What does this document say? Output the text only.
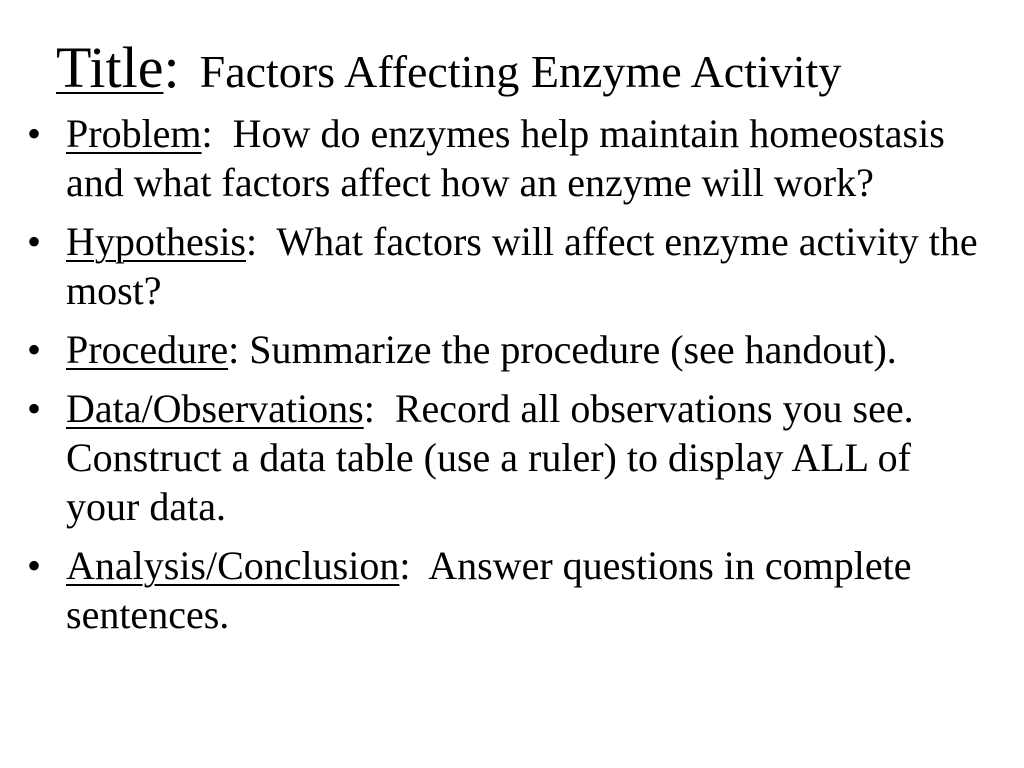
Title: Factors Affecting Enzyme Activity
• Problem:  How do enzymes help maintain homeostasis and what factors affect how an enzyme will work?
• Hypothesis:  What factors will affect enzyme activity the most?
• Procedure: Summarize the procedure (see handout).
• Data/Observations:  Record all observations you see.  Construct a data table (use a ruler) to display ALL of your data.
• Analysis/Conclusion:  Answer questions in complete sentences.
